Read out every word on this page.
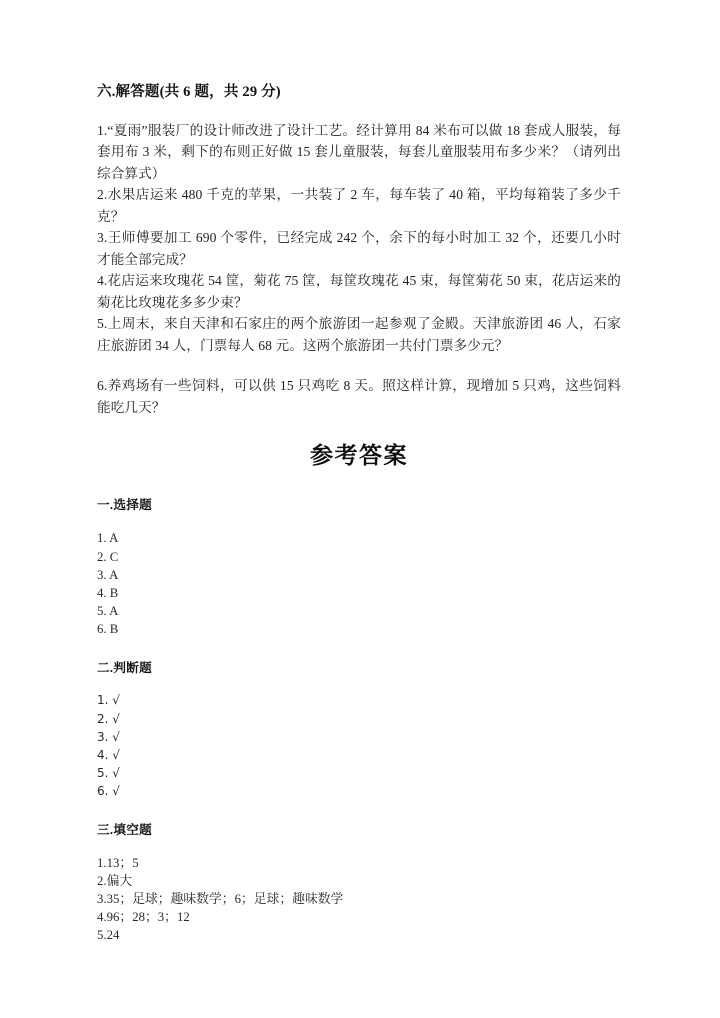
六.解答题(共 6 题，共 29 分)

1.“夏雨”服装厂的设计师改进了设计工艺。经计算用 84 米布可以做 18 套成人服装，每套用布 3 米，剩下的布则正好做 15 套儿童服装，每套儿童服装用布多少米？（请列出综合算式）

2.水果店运来 480 千克的苹果，一共装了 2 车，每车装了 40 箱，平均每箱装了多少千克？

3.王师傅要加工 690 个零件，已经完成 242 个，余下的每小时加工 32 个，还要几小时才能全部完成？

4.花店运来玫瑰花 54 筐，菊花 75 筐，每筐玫瑰花 45 束，每筐菊花 50 束，花店运来的菊花比玫瑰花多多少束？

5.上周末，来自天津和石家庄的两个旅游团一起参观了金殿。天津旅游团 46 人，石家庄旅游团 34 人，门票每人 68 元。这两个旅游团一共付门票多少元？

6.养鸡场有一些饲料，可以供 15 只鸡吃 8 天。照这样计算，现增加 5 只鸡，这些饲料能吃几天？

参考答案
一.选择题
1. A
2. C
3. A
4. B
5. A
6. B
二.判断题
1. √
2. √
3. √
4. √
5. √
6. √
三.填空题
1.13；5
2.偏大
3.35；足球；趣味数学；6；足球；趣味数学
4.96；28；3；12
5.24
